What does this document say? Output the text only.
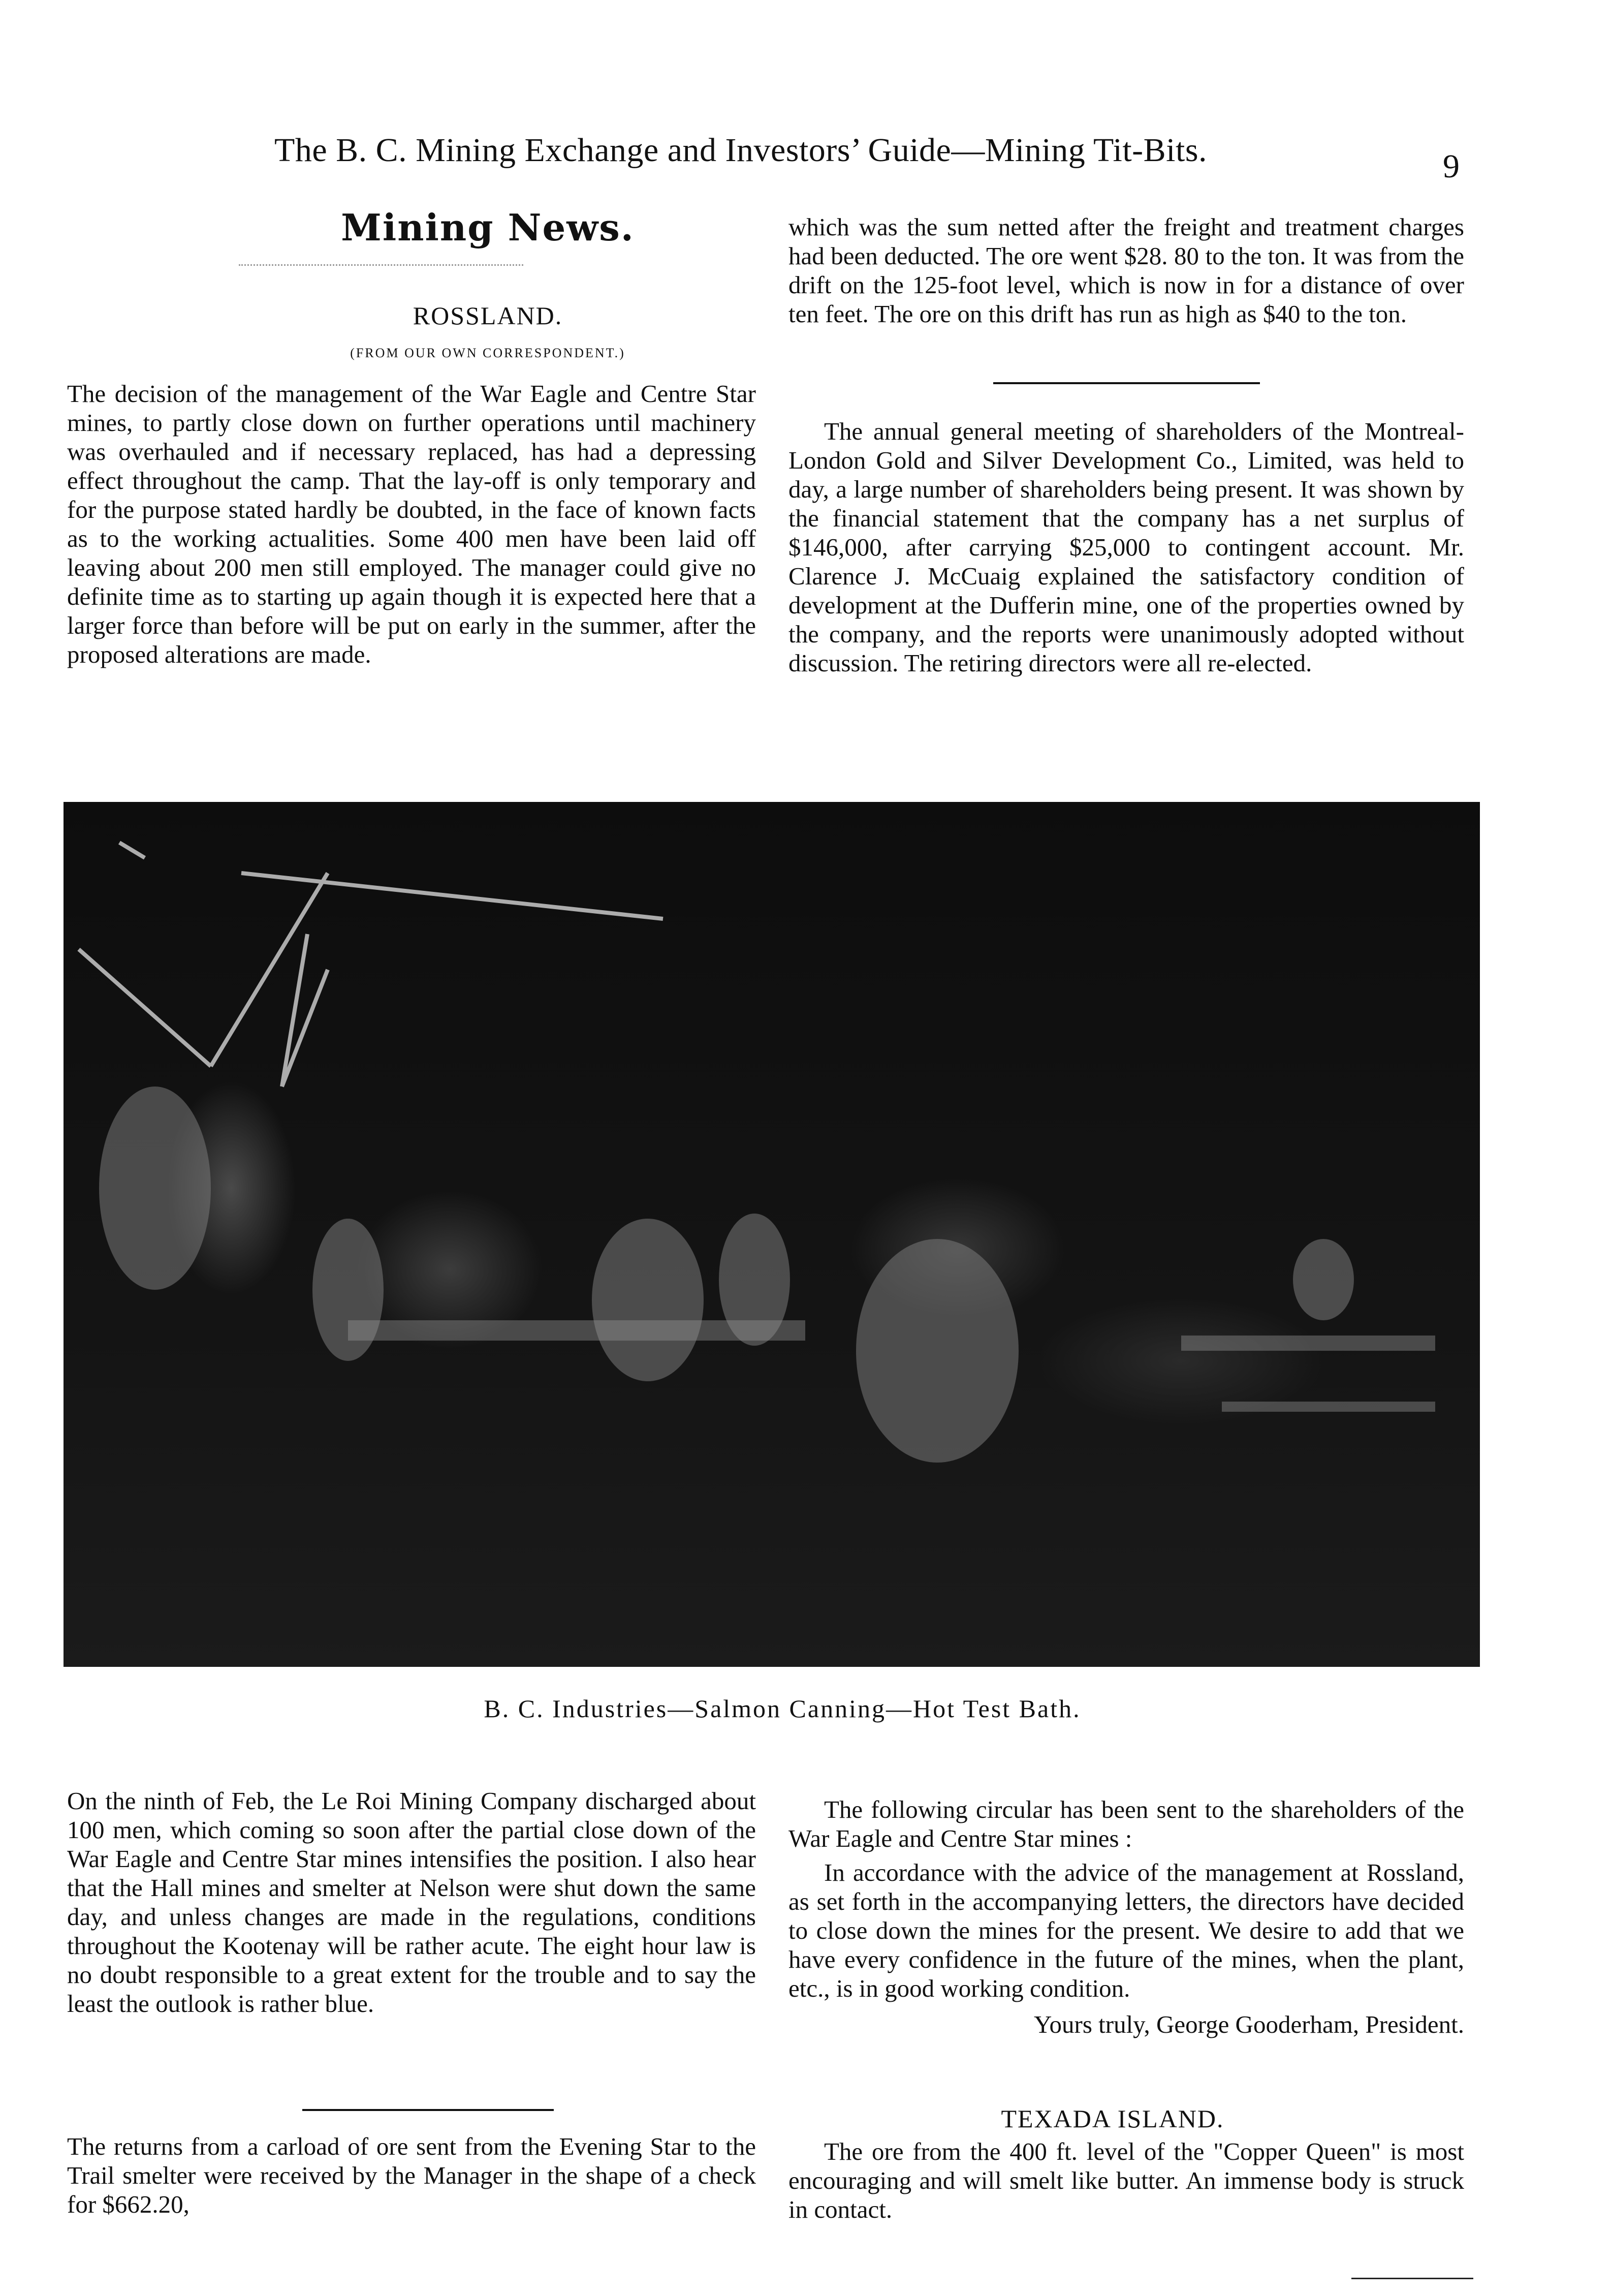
The B. C. Mining Exchange and Investors’ Guide—Mining Tit-Bits.	9
Mining News.
ROSSLAND.
(FROM OUR OWN CORRESPONDENT.)

The decision of the management of the War Eagle and Centre Star mines, to partly close down on further operations until machinery was overhauled and if necessary replaced, has had a depressing effect throughout the camp. That the lay-off is only temporary and for the purpose stated hardly be doubted, in the face of known facts as to the working actualities. Some 400 men have been laid off leaving about 200 men still employed. The manager could give no definite time as to starting up again though it is expected here that a larger force than before will be put on early in the summer, after the proposed alterations are made.

which was the sum netted after the freight and treatment charges had been deducted. The ore went $28. 80 to the ton. It was from the drift on the 125-foot level, which is now in for a distance of over ten feet. The ore on this drift has run as high as $40 to the ton.

The annual general meeting of shareholders of the Montreal-London Gold and Silver Development Co., Limited, was held to day, a large number of shareholders being present. It was shown by the financial statement that the company has a net surplus of $146,000, after carrying $25,000 to contingent account. Mr. Clarence J. McCuaig explained the satisfactory condition of development at the Dufferin mine, one of the properties owned by the company, and the reports were unanimously adopted without discussion. The retiring directors were all re-elected.

B. C. Industries—Salmon Canning—Hot Test Bath.

On the ninth of Feb, the Le Roi Mining Company discharged about 100 men, which coming so soon after the partial close down of the War Eagle and Centre Star mines intensifies the position. I also hear that the Hall mines and smelter at Nelson were shut down the same day, and unless changes are made in the regulations, conditions throughout the Kootenay will be rather acute. The eight hour law is no doubt responsible to a great extent for the trouble and to say the least the outlook is rather blue.

The returns from a carload of ore sent from the Evening Star to the Trail smelter were received by the Manager in the shape of a check for $662.20,

The following circular has been sent to the shareholders of the War Eagle and Centre Star mines :

In accordance with the advice of the management at Rossland, as set forth in the accompanying letters, the directors have decided to close down the mines for the present. We desire to add that we have every confidence in the future of the mines, when the plant, etc., is in good working condition.

Yours truly, George Gooderham, President.

TEXADA ISLAND.

The ore from the 400 ft. level of the "Copper Queen" is most encouraging and will smelt like butter. An immense body is struck in contact.
